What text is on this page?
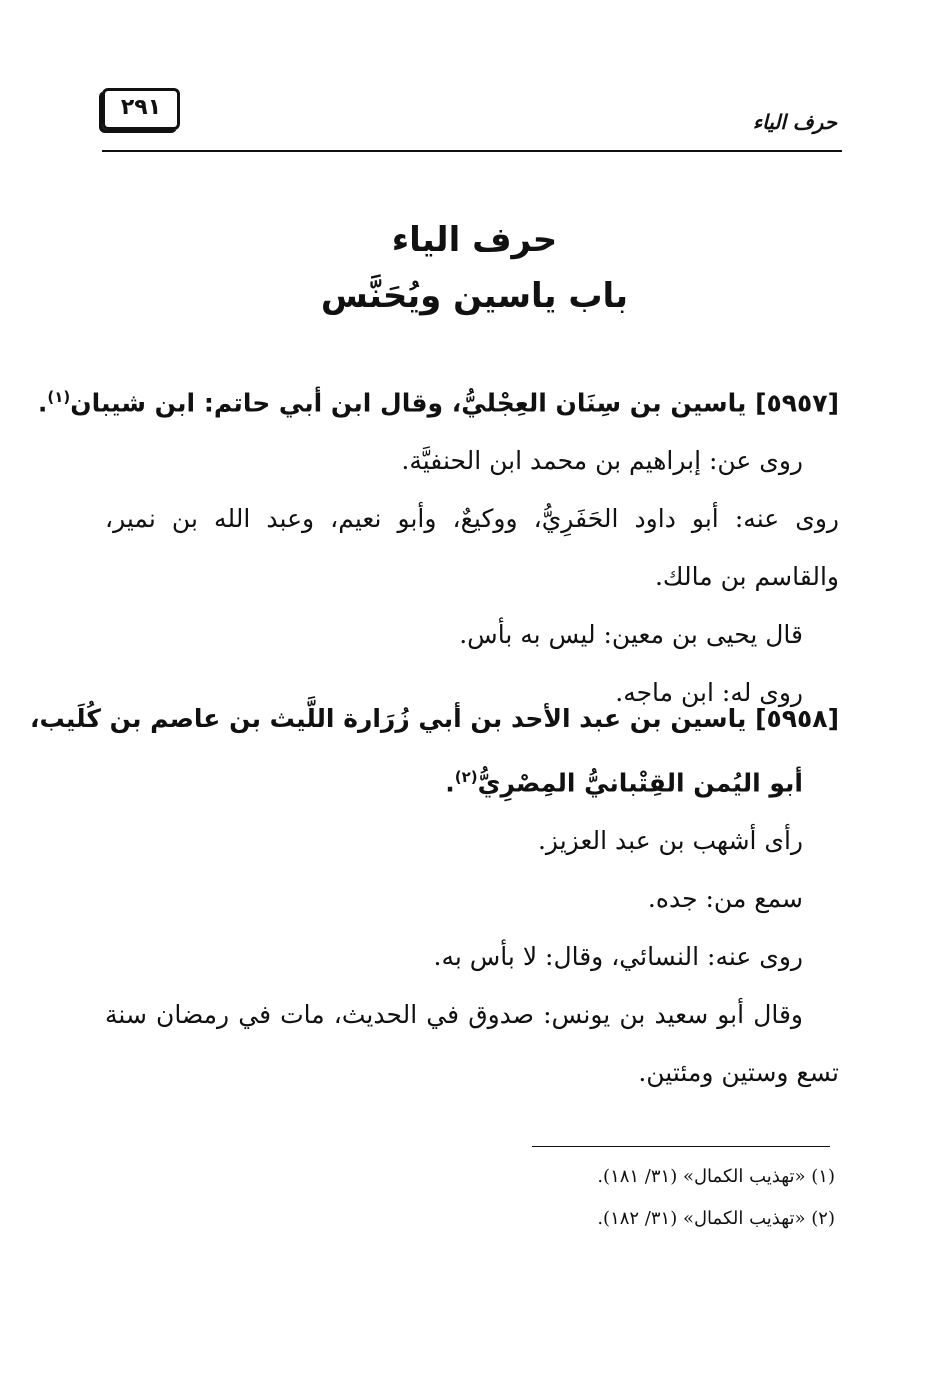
٢٩١
حرف الياء
حرف الياء
باب ياسين ويُحَنَّس
[٥٩٥٧] ياسين بن سِنَان العِجْليُّ، وقال ابن أبي حاتم: ابن شيبان$^{(١)}$.
روى عن: إبراهيم بن محمد ابن الحنفيَّة.
روى عنه: أبو داود الحَفَرِيُّ، ووكيعٌ، وأبو نعيم، وعبد الله بن نمير،
والقاسم بن مالك.
قال يحيى بن معين: ليس به بأس.
روى له: ابن ماجه.
[٥٩٥٨] ياسين بن عبد الأحد بن أبي زُرَارة اللَّيث بن عاصم بن كُلَيب،
أبو اليُمن القِتْبانيُّ المِصْرِيُّ$^{(٢)}$.
رأى أشهب بن عبد العزيز.
سمع من: جده.
روى عنه: النسائي، وقال: لا بأس به.
وقال أبو سعيد بن يونس: صدوق في الحديث، مات في رمضان سنة
تسع وستين ومئتين.
(١) «تهذيب الكمال» (٣١/ ١٨١).
(٢) «تهذيب الكمال» (٣١/ ١٨٢).
